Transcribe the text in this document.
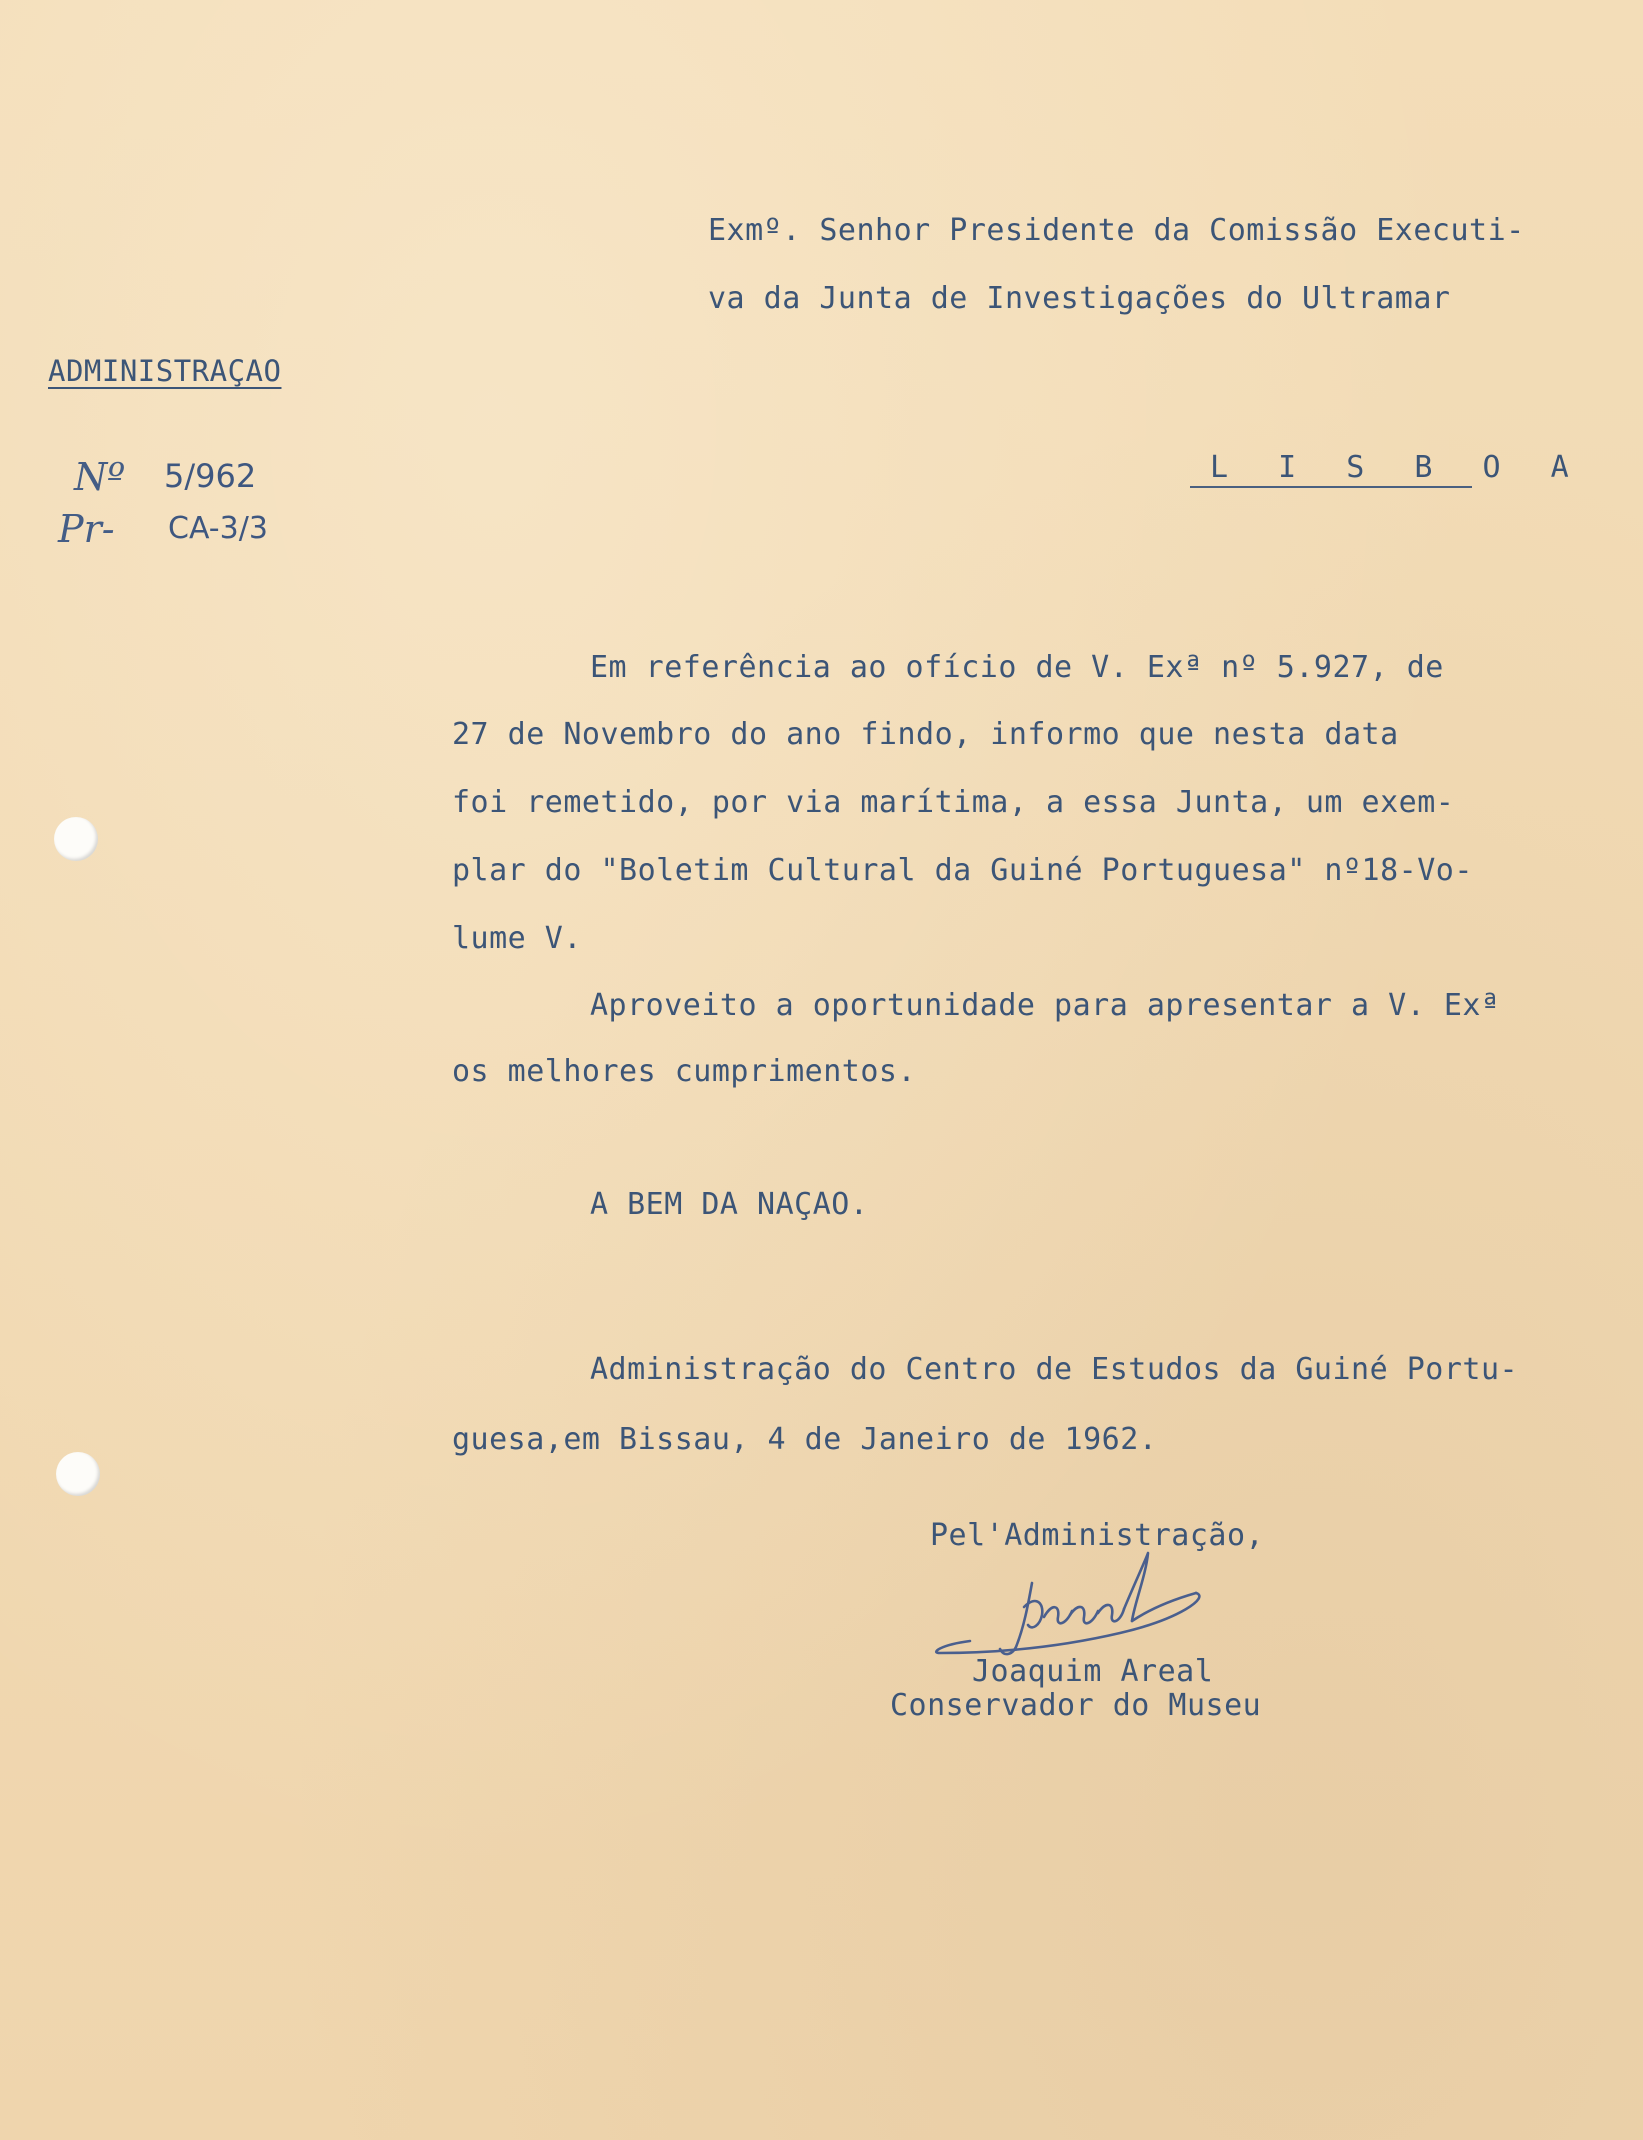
Exmº. Senhor Presidente da Comissão Executi-
va da Junta de Investigações do Ultramar
L I S B O A
ADMINISTRAÇAO
Nº 5/962
Pr- CA-3/3
Em referência ao ofício de V. Exª nº 5.927, de
27 de Novembro do ano findo, informo que nesta data
foi remetido, por via marítima, a essa Junta, um exem-
plar do "Boletim Cultural da Guiné Portuguesa" nº18-Vo-
lume V.
Aproveito a oportunidade para apresentar a V. Exª
os melhores cumprimentos.
A BEM DA NAÇAO.
Administração do Centro de Estudos da Guiné Portu-
guesa,em Bissau, 4 de Janeiro de 1962.
Pel'Administração,
Joaquim Areal
Conservador do Museu
